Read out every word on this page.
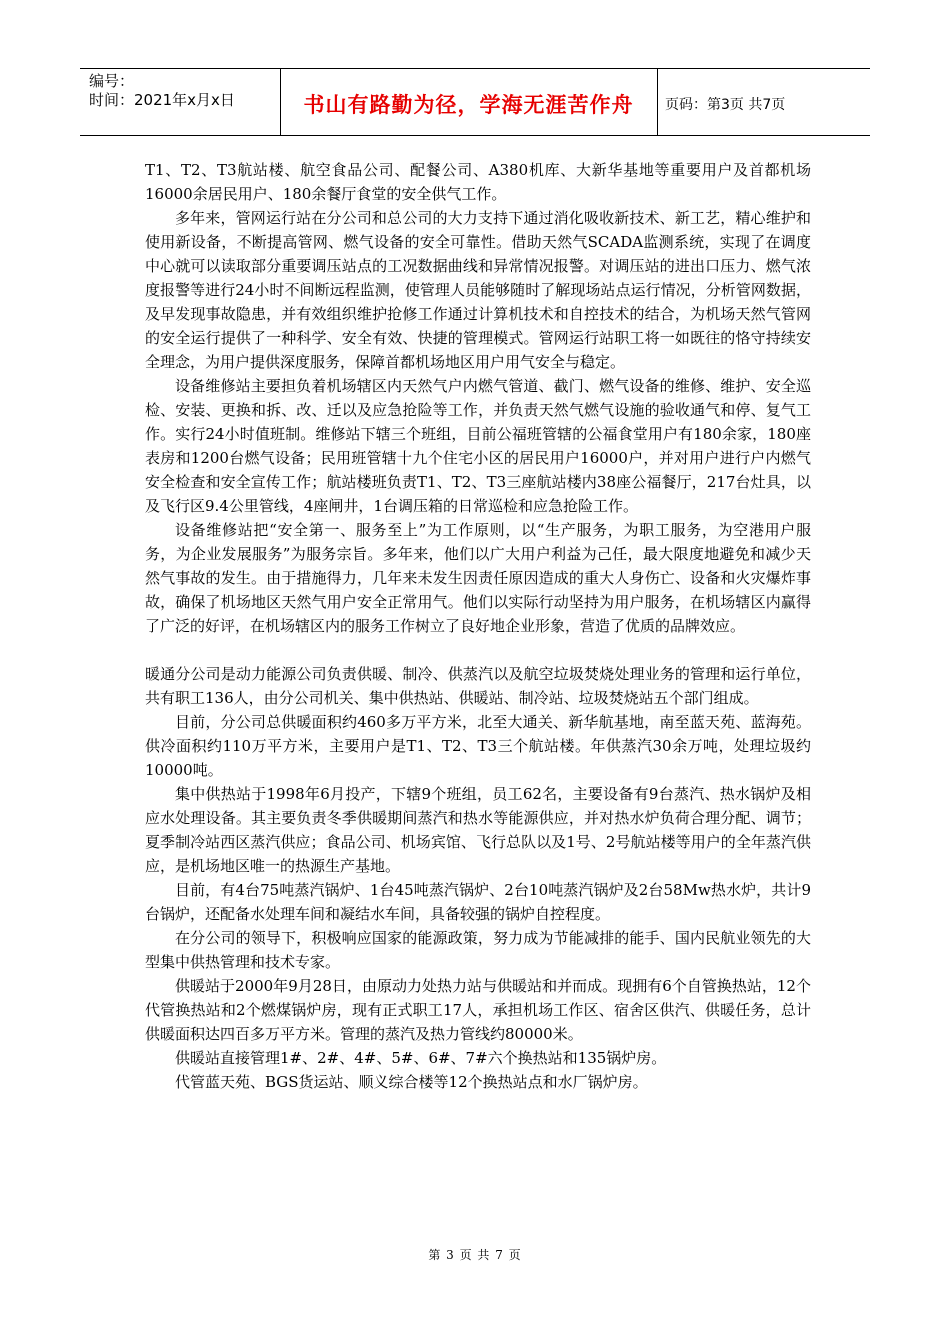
编号：
时间：2021年x月x日	书山有路勤为径，学海无涯苦作舟	页码：第3页 共7页

T1、T2、T3航站楼、航空食品公司、配餐公司、A380机库、大新华基地等重要用户及首都机场16000余居民用户、180余餐厅食堂的安全供气工作。

多年来，管网运行站在分公司和总公司的大力支持下通过消化吸收新技术、新工艺，精心维护和使用新设备，不断提高管网、燃气设备的安全可靠性。借助天然气SCADA监测系统，实现了在调度中心就可以读取部分重要调压站点的工况数据曲线和异常情况报警。对调压站的进出口压力、燃气浓度报警等进行24小时不间断远程监测，使管理人员能够随时了解现场站点运行情况，分析管网数据，及早发现事故隐患，并有效组织维护抢修工作通过计算机技术和自控技术的结合，为机场天然气管网的安全运行提供了一种科学、安全有效、快捷的管理模式。管网运行站职工将一如既往的恪守持续安全理念，为用户提供深度服务，保障首都机场地区用户用气安全与稳定。

设备维修站主要担负着机场辖区内天然气户内燃气管道、截门、燃气设备的维修、维护、安全巡检、安装、更换和拆、改、迁以及应急抢险等工作，并负责天然气燃气设施的验收通气和停、复气工作。实行24小时值班制。维修站下辖三个班组，目前公福班管辖的公福食堂用户有180余家，180座表房和1200台燃气设备；民用班管辖十九个住宅小区的居民用户16000户，并对用户进行户内燃气安全检查和安全宣传工作；航站楼班负责T1、T2、T3三座航站楼内38座公福餐厅，217台灶具，以及飞行区9.4公里管线，4座闸井，1台调压箱的日常巡检和应急抢险工作。

设备维修站把“安全第一、服务至上”为工作原则，以“生产服务，为职工服务，为空港用户服务，为企业发展服务”为服务宗旨。多年来，他们以广大用户利益为己任，最大限度地避免和减少天然气事故的发生。由于措施得力，几年来未发生因责任原因造成的重大人身伤亡、设备和火灾爆炸事故，确保了机场地区天然气用户安全正常用气。他们以实际行动坚持为用户服务，在机场辖区内赢得了广泛的好评，在机场辖区内的服务工作树立了良好地企业形象，营造了优质的品牌效应。

暖通分公司是动力能源公司负责供暖、制冷、供蒸汽以及航空垃圾焚烧处理业务的管理和运行单位，共有职工136人，由分公司机关、集中供热站、供暖站、制冷站、垃圾焚烧站五个部门组成。

目前，分公司总供暖面积约460多万平方米，北至大通关、新华航基地，南至蓝天苑、蓝海苑。供冷面积约110万平方米，主要用户是T1、T2、T3三个航站楼。年供蒸汽30余万吨，处理垃圾约10000吨。

集中供热站于1998年6月投产，下辖9个班组，员工62名，主要设备有9台蒸汽、热水锅炉及相应水处理设备。其主要负责冬季供暖期间蒸汽和热水等能源供应，并对热水炉负荷合理分配、调节；夏季制冷站西区蒸汽供应；食品公司、机场宾馆、飞行总队以及1号、2号航站楼等用户的全年蒸汽供应，是机场地区唯一的热源生产基地。

目前，有4台75吨蒸汽锅炉、1台45吨蒸汽锅炉、2台10吨蒸汽锅炉及2台58Mw热水炉，共计9台锅炉，还配备水处理车间和凝结水车间，具备较强的锅炉自控程度。

在分公司的领导下，积极响应国家的能源政策，努力成为节能减排的能手、国内民航业领先的大型集中供热管理和技术专家。

供暖站于2000年9月28日，由原动力处热力站与供暖站和并而成。现拥有6个自管换热站，12个代管换热站和2个燃煤锅炉房，现有正式职工17人，承担机场工作区、宿舍区供汽、供暖任务，总计供暖面积达四百多万平方米。管理的蒸汽及热力管线约80000米。

供暖站直接管理1#、2#、4#、5#、6#、7#六个换热站和135锅炉房。

代管蓝天苑、BGS货运站、顺义综合楼等12个换热站点和水厂锅炉房。

第 3 页 共 7 页
